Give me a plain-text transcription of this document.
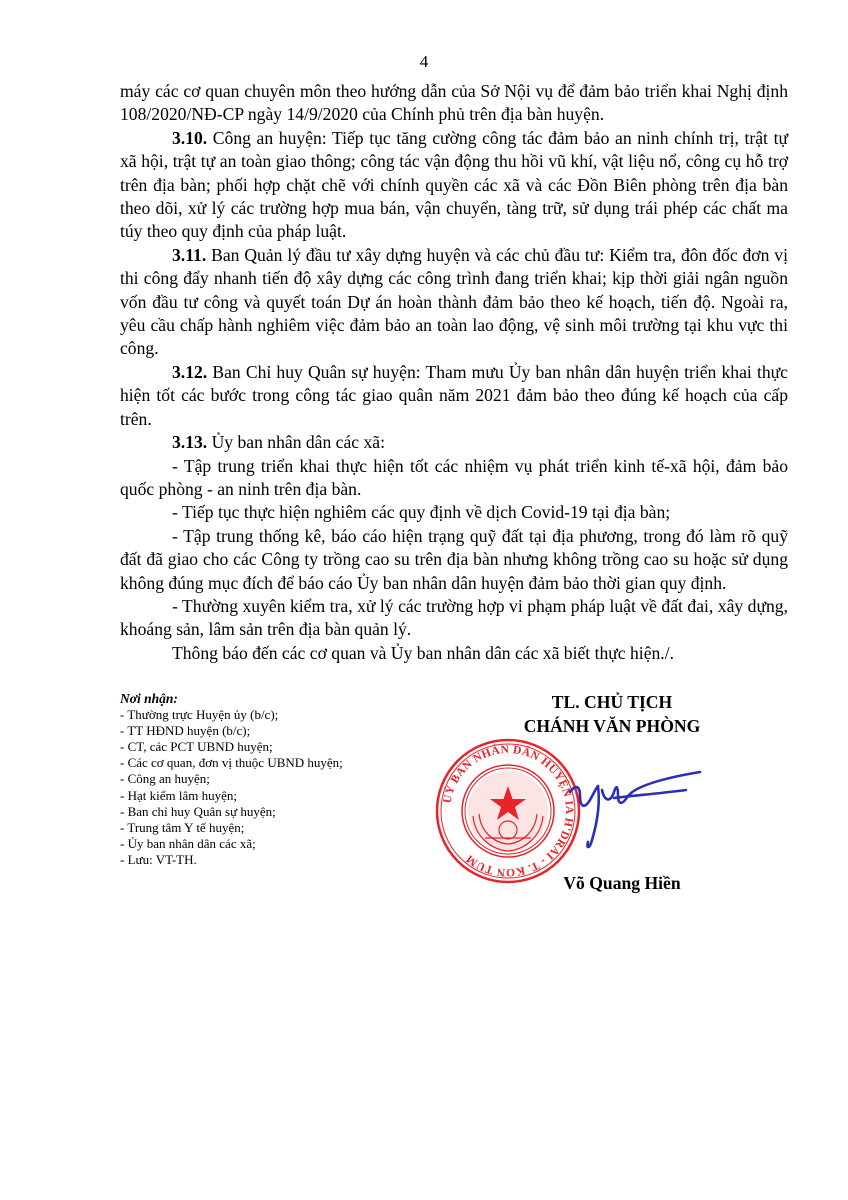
4

máy các cơ quan chuyên môn theo hướng dẫn của Sở Nội vụ để đảm bảo triển khai Nghị định 108/2020/NĐ-CP ngày 14/9/2020 của Chính phủ trên địa bàn huyện.

3.10. Công an huyện: Tiếp tục tăng cường công tác đảm bảo an ninh chính trị, trật tự xã hội, trật tự an toàn giao thông; công tác vận động thu hồi vũ khí, vật liệu nổ, công cụ hỗ trợ trên địa bàn; phối hợp chặt chẽ với chính quyền các xã và các Đồn Biên phòng trên địa bàn theo dõi, xử lý các trường hợp mua bán, vận chuyển, tàng trữ, sử dụng trái phép các chất ma túy theo quy định của pháp luật.

3.11. Ban Quản lý đầu tư xây dựng huyện và các chủ đầu tư: Kiểm tra, đôn đốc đơn vị thi công đẩy nhanh tiến độ xây dựng các công trình đang triển khai; kịp thời giải ngân nguồn vốn đầu tư công và quyết toán Dự án hoàn thành đảm bảo theo kế hoạch, tiến độ. Ngoài ra, yêu cầu chấp hành nghiêm việc đảm bảo an toàn lao động, vệ sinh môi trường tại khu vực thi công.

3.12. Ban Chỉ huy Quân sự huyện: Tham mưu Ủy ban nhân dân huyện triển khai thực hiện tốt các bước trong công tác giao quân năm 2021 đảm bảo theo đúng kế hoạch của cấp trên.

3.13. Ủy ban nhân dân các xã:

- Tập trung triển khai thực hiện tốt các nhiệm vụ phát triển kinh tế-xã hội, đảm bảo quốc phòng - an ninh trên địa bàn.

- Tiếp tục thực hiện nghiêm các quy định về dịch Covid-19 tại địa bàn;

- Tập trung thống kê, báo cáo hiện trạng quỹ đất tại địa phương, trong đó làm rõ quỹ đất đã giao cho các Công ty trồng cao su trên địa bàn nhưng không trồng cao su hoặc sử dụng không đúng mục đích để báo cáo Ủy ban nhân dân huyện đảm bảo thời gian quy định.

- Thường xuyên kiểm tra, xử lý các trường hợp vi phạm pháp luật về đất đai, xây dựng, khoáng sản, lâm sản trên địa bàn quản lý.

Thông báo đến các cơ quan và Ủy ban nhân dân các xã biết thực hiện./.

Nơi nhận:
- Thường trực Huyện ủy (b/c);
- TT HĐND huyện (b/c);
- CT, các PCT UBND huyện;
- Các cơ quan, đơn vị thuộc UBND huyện;
- Công an huyện;
- Hạt kiểm lâm huyện;
- Ban chỉ huy Quân sự huyện;
- Trung tâm Y tế huyện;
- Ủy ban nhân dân các xã;
- Lưu: VT-TH.
TL. CHỦ TỊCH
CHÁNH VĂN PHÒNG
UỶ BAN NHÂN DÂN HUYỆN IA H'DRAI - T. KON TUM
Võ Quang Hiền
